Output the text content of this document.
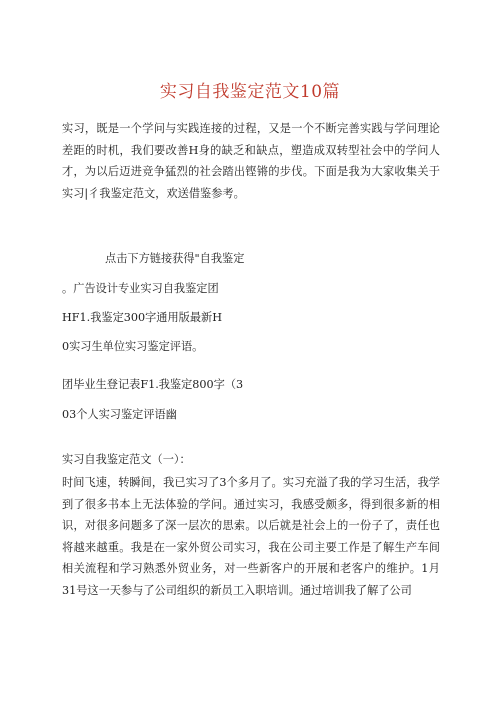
实习自我鉴定范文10篇
实习，既是一个学问与实践连接的过程，又是一个不断完善实践与学问理论差距的时机，我们要改善H身的缺乏和缺点，塑造成双转型社会中的学问人才，为以后迈进竞争猛烈的社会踏出铿锵的步伐。下面是我为大家收集关于实习|彳我鉴定范文，欢送借鉴参考。
点击下方链接获得"自我鉴定
。广告设计专业实习自我鉴定团
HF1.我鉴定300字通用版最新H
0实习生单位实习鉴定评语。
团毕业生登记表F1.我鉴定800字（3
03个人实习鉴定评语幽
实习自我鉴定范文（一）：
时间飞速，转瞬间，我已实习了3个多月了。实习充溢了我的学习生活，我学到了很多书本上无法体验的学问。通过实习，我感受颇多，得到很多新的相识，对很多问题多了深一层次的思索。以后就是社会上的一份子了，责任也将越来越重。我是在一家外贸公司实习，我在公司主要工作是了解生产车间相关流程和学习熟悉外贸业务，对一些新客户的开展和老客户的维护。1月31号这一天参与了公司组织的新员工入职培训。通过培训我了解了公司
